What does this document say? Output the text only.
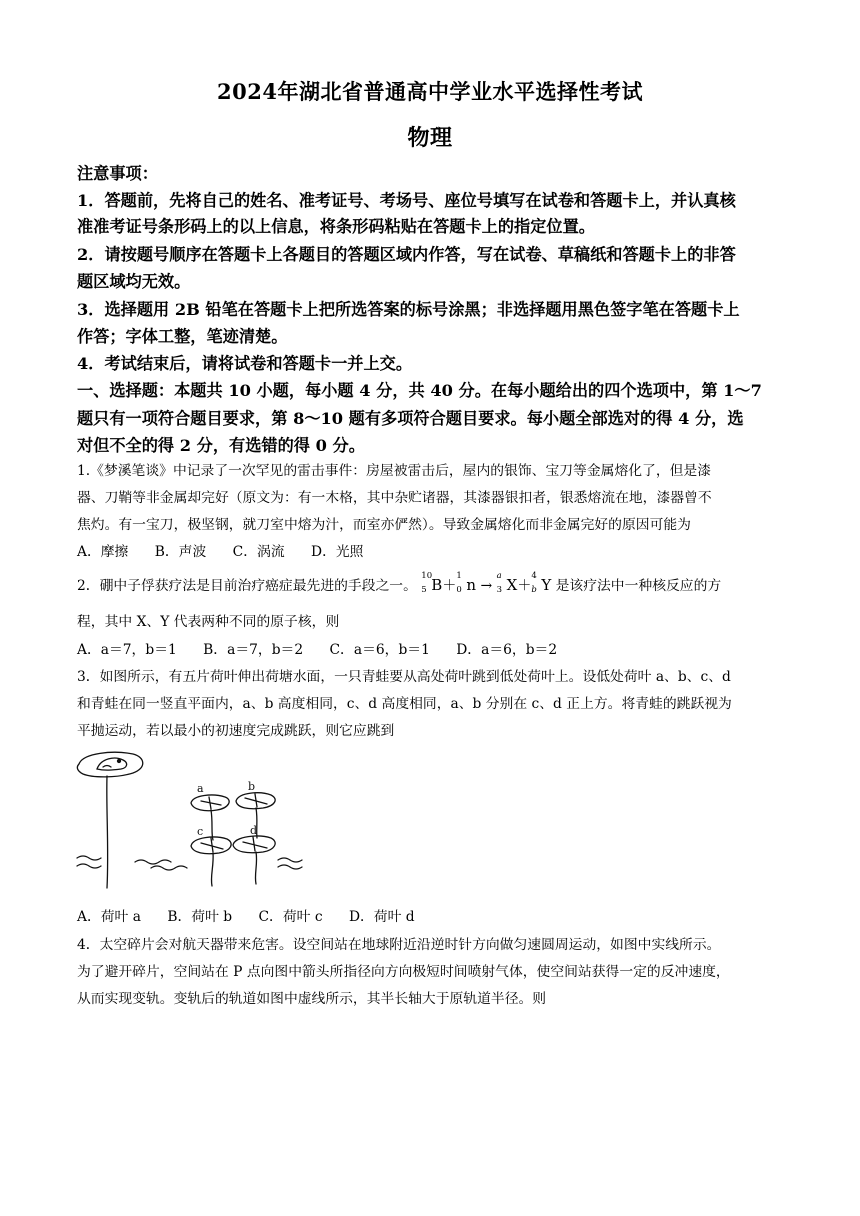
2024年湖北省普通高中学业水平选择性考试
物理
注意事项：
1．答题前，先将自己的姓名、准考证号、考场号、座位号填写在试卷和答题卡上，并认真核
准准考证号条形码上的以上信息，将条形码粘贴在答题卡上的指定位置。
2．请按题号顺序在答题卡上各题目的答题区域内作答，写在试卷、草稿纸和答题卡上的非答
题区域均无效。
3．选择题用 2B 铅笔在答题卡上把所选答案的标号涂黑；非选择题用黑色签字笔在答题卡上
作答；字体工整，笔迹清楚。
4．考试结束后，请将试卷和答题卡一并上交。
一、选择题：本题共 10 小题，每小题 4 分，共 40 分。在每小题给出的四个选项中，第 1～7
题只有一项符合题目要求，第 8～10 题有多项符合题目要求。每小题全部选对的得 4 分，选
对但不全的得 2 分，有选错的得 0 分。
1.《梦溪笔谈》中记录了一次罕见的雷击事件：房屋被雷击后，屋内的银饰、宝刀等金属熔化了，但是漆
器、刀鞘等非金属却完好（原文为：有一木格，其中杂贮诸器，其漆器银扣者，银悉熔流在地，漆器曾不
焦灼。有一宝刀，极坚钢，就刀室中熔为汁，而室亦俨然）。导致金属熔化而非金属完好的原因可能为
A．摩擦 B．声波 C．涡流 D．光照
2．硼中子俘获疗法是目前治疗癌症最先进的手段之一。
10
5 B＋
1
0 n →
a
3 X＋
4
b Y 是该疗法中一种核反应的方
程，其中 X、Y 代表两种不同的原子核，则
A．a＝7，b＝1 B．a＝7，b＝2 C．a＝6，b＝1 D．a＝6，b＝2
3．如图所示，有五片荷叶伸出荷塘水面，一只青蛙要从高处荷叶跳到低处荷叶上。设低处荷叶 a、b、c、d
和青蛙在同一竖直平面内，a、b 高度相同，c、d 高度相同，a、b 分别在 c、d 正上方。将青蛙的跳跃视为
平抛运动，若以最小的初速度完成跳跃，则它应跳到
a	b
c	d
A．荷叶 a B．荷叶 b C．荷叶 c D．荷叶 d
4．太空碎片会对航天器带来危害。设空间站在地球附近沿逆时针方向做匀速圆周运动，如图中实线所示。
为了避开碎片，空间站在 P 点向图中箭头所指径向方向极短时间喷射气体，使空间站获得一定的反冲速度，
从而实现变轨。变轨后的轨道如图中虚线所示，其半长轴大于原轨道半径。则
